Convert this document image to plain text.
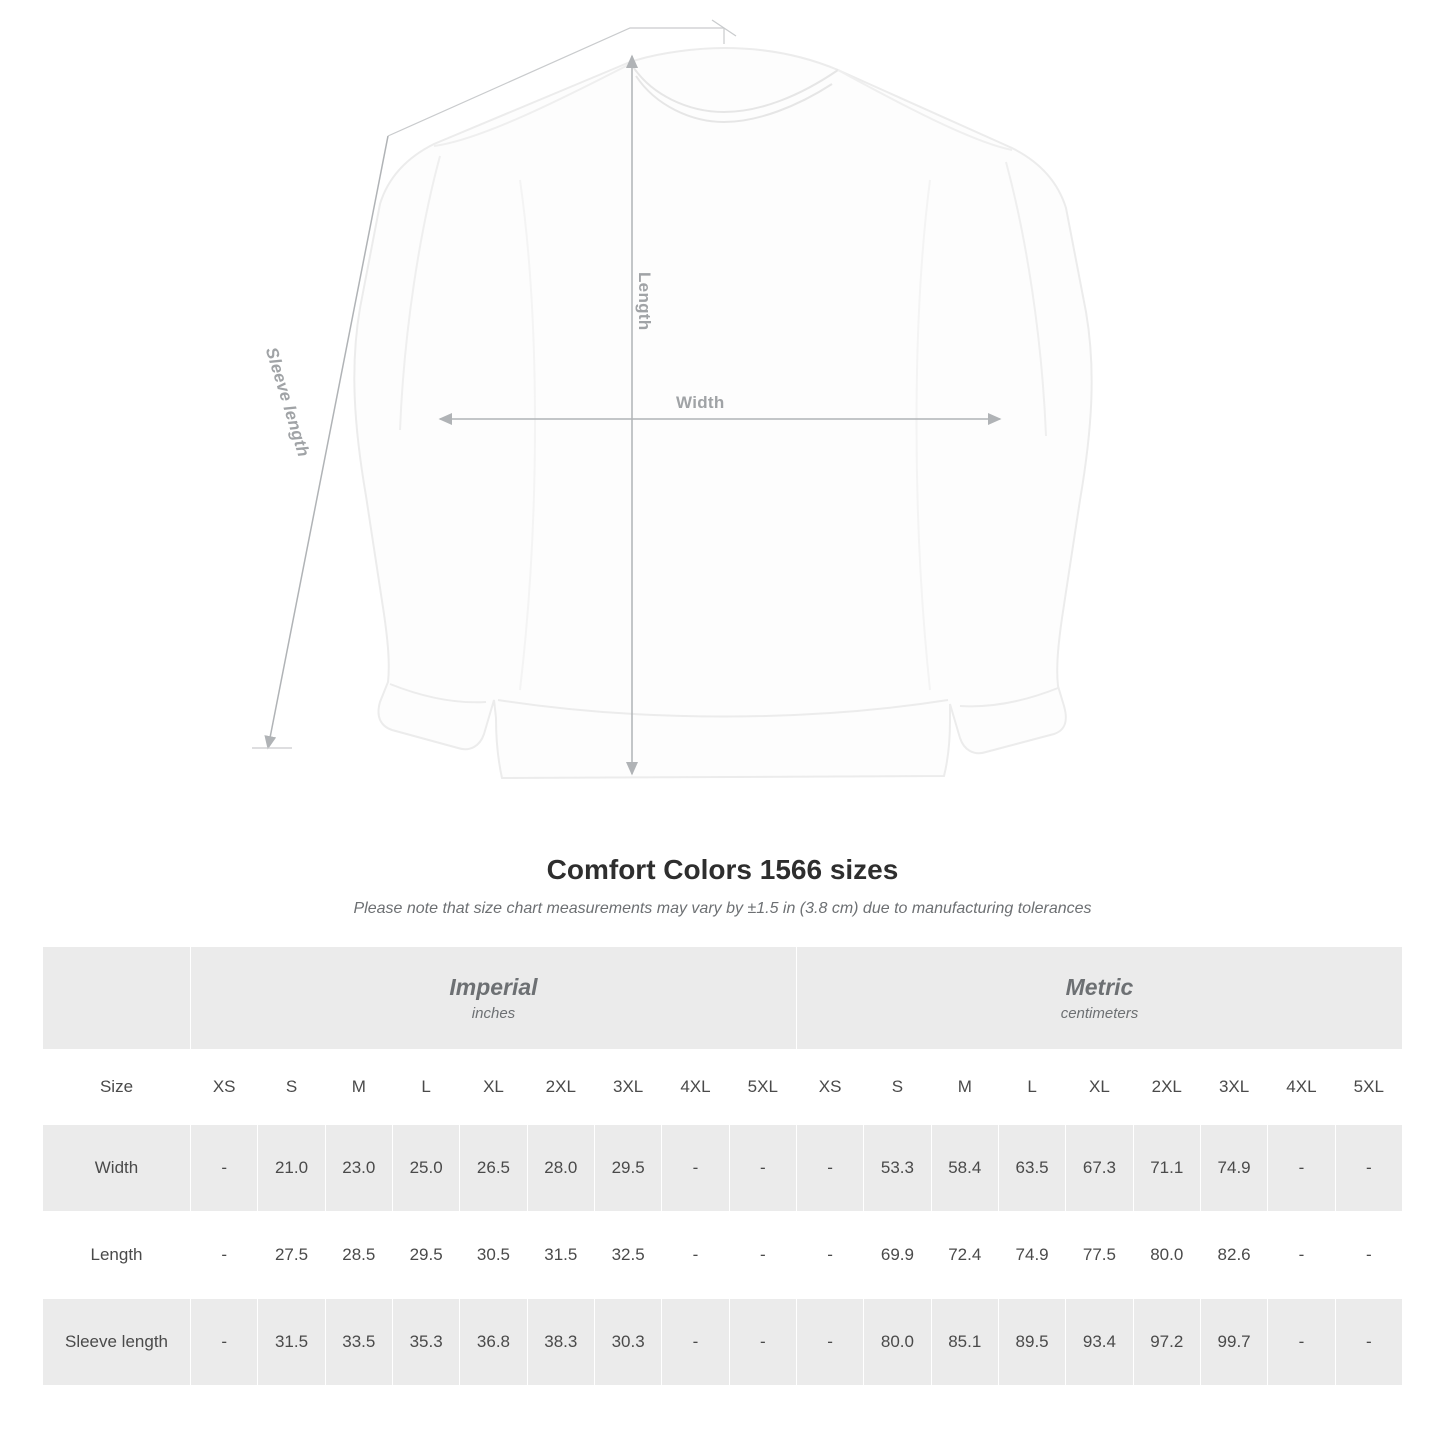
Width
Length
Sleeve length
Comfort Colors 1566 sizes

Please note that size chart measurements may vary by ±1.5 in (3.8 cm) due to manufacturing tolerances

	Imperial
inches									Metric
centimeters								

Size	XS	S	M	L	XL	2XL	3XL	4XL	5XL	XS	S	M	L	XL	2XL	3XL	4XL	5XL
Width	-	21.0	23.0	25.0	26.5	28.0	29.5	-	-	-	53.3	58.4	63.5	67.3	71.1	74.9	-	-
Length	-	27.5	28.5	29.5	30.5	31.5	32.5	-	-	-	69.9	72.4	74.9	77.5	80.0	82.6	-	-
Sleeve length	-	31.5	33.5	35.3	36.8	38.3	30.3	-	-	-	80.0	85.1	89.5	93.4	97.2	99.7	-	-
